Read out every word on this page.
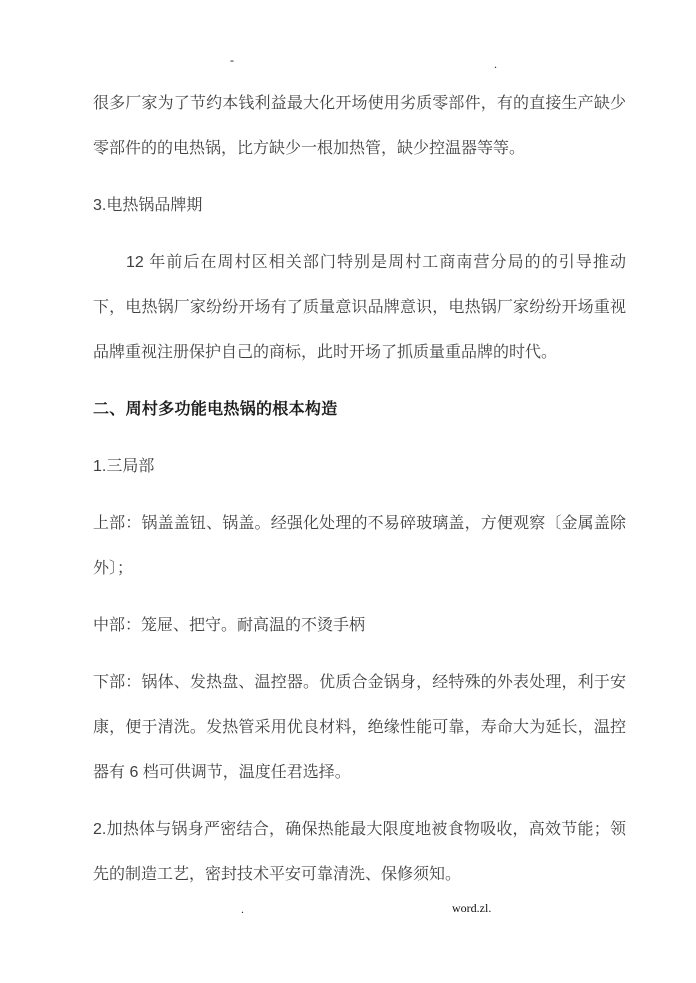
-	.

很多厂家为了节约本钱利益最大化开场使用劣质零部件，有的直接生产缺少零部件的的电热锅，比方缺少一根加热管，缺少控温器等等。

3.电热锅品牌期

12 年前后在周村区相关部门特别是周村工商南营分局的的引导推动下，电热锅厂家纷纷开场有了质量意识品牌意识，电热锅厂家纷纷开场重视品牌重视注册保护自己的商标，此时开场了抓质量重品牌的时代。

二、周村多功能电热锅的根本构造

1.三局部

上部：锅盖盖钮、锅盖。经强化处理的不易碎玻璃盖，方便观察〔金属盖除外〕；

中部：笼屉、把守。耐高温的不烫手柄

下部：锅体、发热盘、温控器。优质合金锅身，经特殊的外表处理，利于安康，便于清洗。发热管采用优良材料，绝缘性能可靠，寿命大为延长，温控器有 6 档可供调节，温度任君选择。

2.加热体与锅身严密结合，确保热能最大限度地被食物吸收，高效节能；领先的制造工艺，密封技术平安可靠清洗、保修须知。

.	word.zl.
